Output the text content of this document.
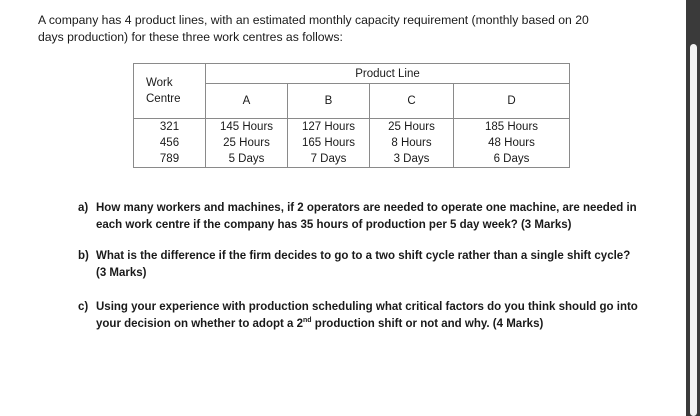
A company has 4 product lines, with an estimated monthly capacity requirement (monthly based on 20
days production) for these three work centres as follows:
Work Centre	Product Line			
	A	B	C	D
321	145 Hours	127 Hours	25 Hours	185 Hours
456	25 Hours	165 Hours	8 Hours	48 Hours
789	5 Days	7 Days	3 Days	6 Days
a) How many workers and machines, if 2 operators are needed to operate one machine, are needed in
each work centre if the company has 35 hours of production per 5 day week? (3 Marks)
b) What is the difference if the firm decides to go to a two shift cycle rather than a single shift cycle?
(3 Marks)
c) Using your experience with production scheduling what critical factors do you think should go into
your decision on whether to adopt a 2nd production shift or not and why. (4 Marks)
